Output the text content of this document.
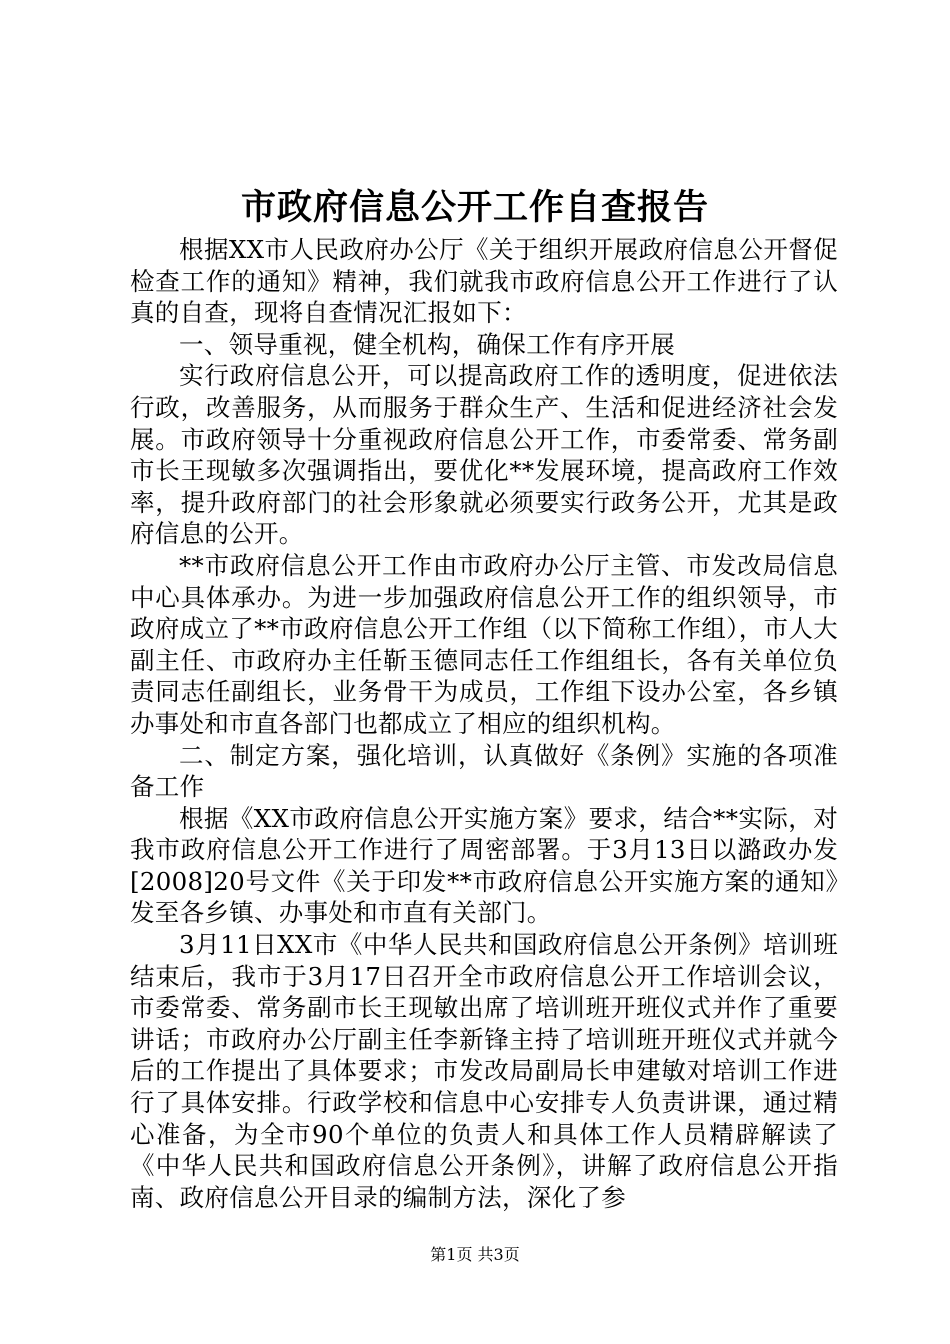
市政府信息公开工作自查报告

根据XX市人民政府办公厅《关于组织开展政府信息公开督促检查工作的通知》精神，我们就我市政府信息公开工作进行了认真的自查，现将自查情况汇报如下：

一、领导重视，健全机构，确保工作有序开展

实行政府信息公开，可以提高政府工作的透明度，促进依法行政，改善服务，从而服务于群众生产、生活和促进经济社会发展。市政府领导十分重视政府信息公开工作，市委常委、常务副市长王现敏多次强调指出，要优化**发展环境，提高政府工作效率，提升政府部门的社会形象就必须要实行政务公开，尤其是政府信息的公开。

**市政府信息公开工作由市政府办公厅主管、市发改局信息中心具体承办。为进一步加强政府信息公开工作的组织领导，市政府成立了**市政府信息公开工作组（以下简称工作组），市人大副主任、市政府办主任靳玉德同志任工作组组长，各有关单位负责同志任副组长，业务骨干为成员，工作组下设办公室，各乡镇办事处和市直各部门也都成立了相应的组织机构。

二、制定方案，强化培训，认真做好《条例》实施的各项准备工作

根据《XX市政府信息公开实施方案》要求，结合**实际，对我市政府信息公开工作进行了周密部署。于3月13日以潞政办发[2008]20号文件《关于印发**市政府信息公开实施方案的通知》发至各乡镇、办事处和市直有关部门。

3月11日XX市《中华人民共和国政府信息公开条例》培训班结束后，我市于3月17日召开全市政府信息公开工作培训会议，市委常委、常务副市长王现敏出席了培训班开班仪式并作了重要讲话；市政府办公厅副主任李新锋主持了培训班开班仪式并就今后的工作提出了具体要求；市发改局副局长申建敏对培训工作进行了具体安排。行政学校和信息中心安排专人负责讲课，通过精心准备，为全市90个单位的负责人和具体工作人员精辟解读了《中华人民共和国政府信息公开条例》，讲解了政府信息公开指南、政府信息公开目录的编制方法，深化了参

第1页 共3页
